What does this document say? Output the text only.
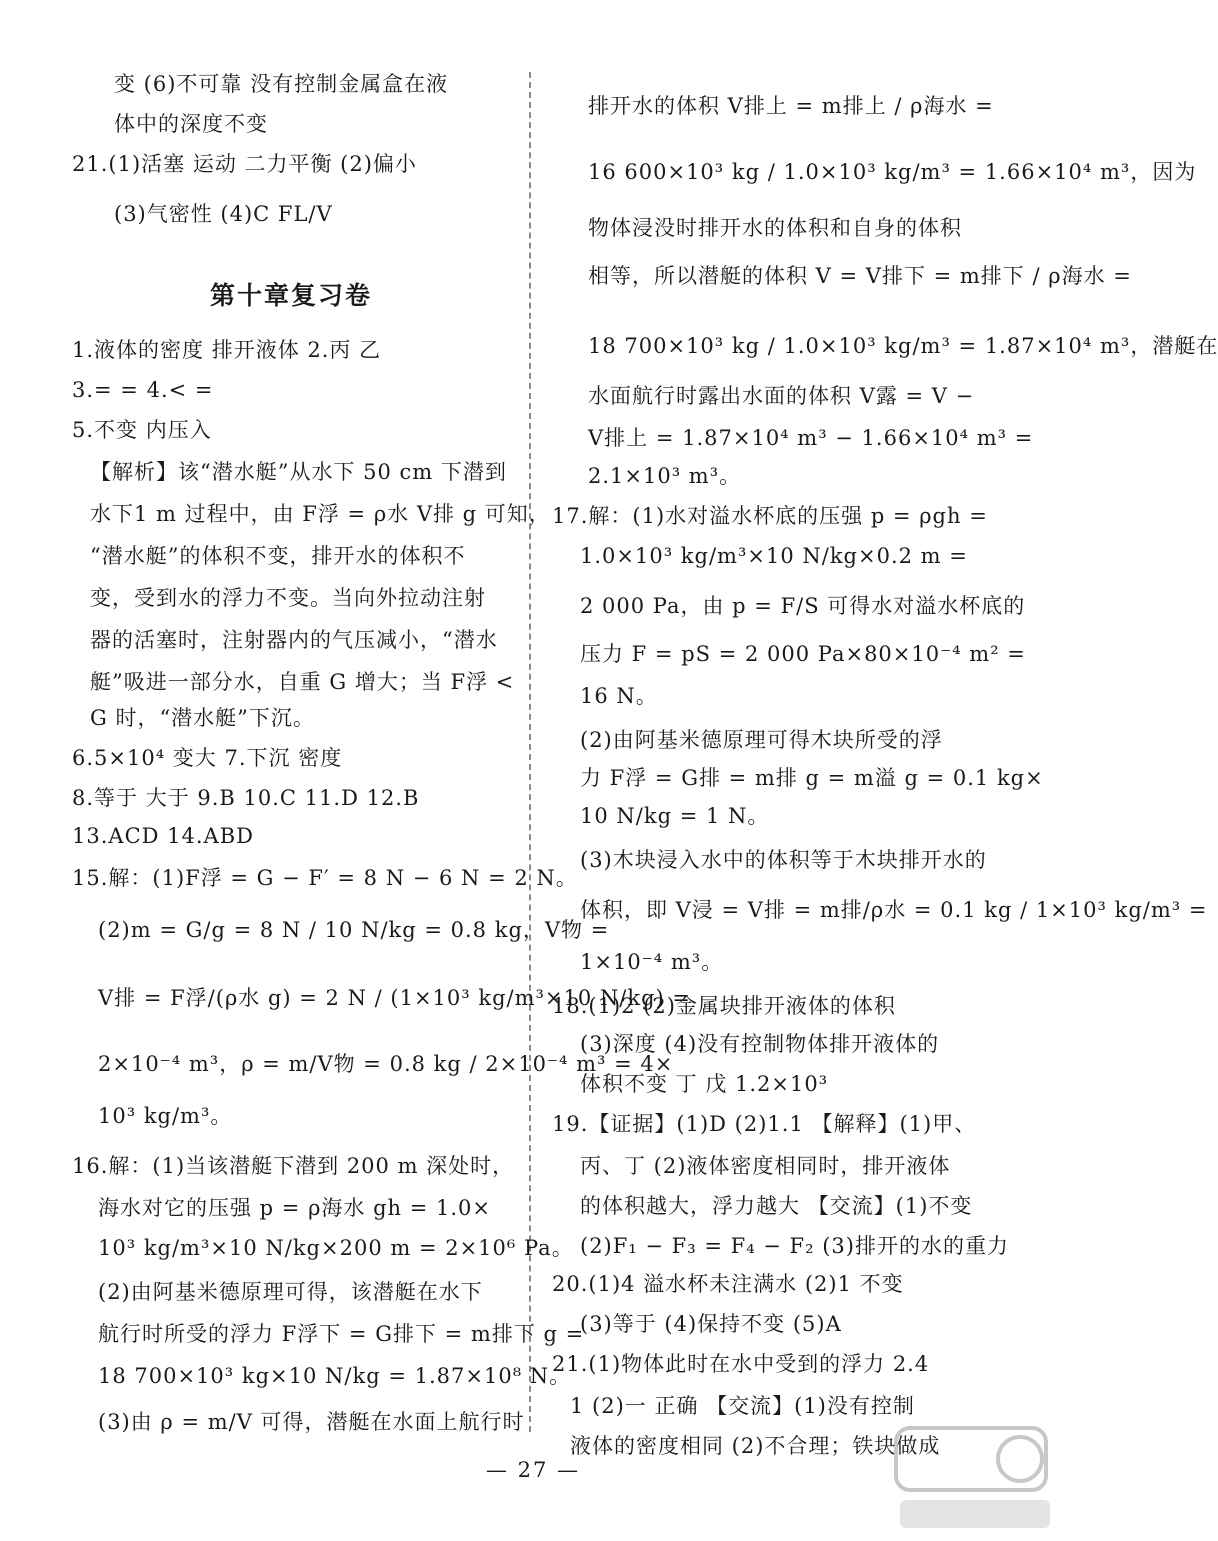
变 (6)不可靠 没有控制金属盒在液
体中的深度不变
21.(1)活塞 运动 二力平衡 (2)偏小
(3)气密性 (4)C FL/V
第十章复习卷
1.液体的密度 排开液体 2.丙 乙
3.= = 4.< =
5.不变 内压入
【解析】该“潜水艇”从水下 50 cm 下潜到
水下1 m 过程中，由 F浮 = ρ水 V排 g 可知，
“潜水艇”的体积不变，排开水的体积不
变，受到水的浮力不变。当向外拉动注射
器的活塞时，注射器内的气压减小，“潜水
艇”吸进一部分水，自重 G 增大；当 F浮 <
G 时，“潜水艇”下沉。
6.5×10⁴ 变大 7.下沉 密度
8.等于 大于 9.B 10.C 11.D 12.B
13.ACD 14.ABD
15.解：(1)F浮 = G − F′ = 8 N − 6 N = 2 N。
(2)m = G/g = 8 N / 10 N/kg = 0.8 kg，V物 =
V排 = F浮/(ρ水 g) = 2 N / (1×10³ kg/m³×10 N/kg) =
2×10⁻⁴ m³，ρ = m/V物 = 0.8 kg / 2×10⁻⁴ m³ = 4×
10³ kg/m³。
16.解：(1)当该潜艇下潜到 200 m 深处时，
海水对它的压强 p = ρ海水 gh = 1.0×
10³ kg/m³×10 N/kg×200 m = 2×10⁶ Pa。
(2)由阿基米德原理可得，该潜艇在水下
航行时所受的浮力 F浮下 = G排下 = m排下 g =
18 700×10³ kg×10 N/kg = 1.87×10⁸ N。
(3)由 ρ = m/V 可得，潜艇在水面上航行时
排开水的体积 V排上 = m排上 / ρ海水 =
16 600×10³ kg / 1.0×10³ kg/m³ = 1.66×10⁴ m³，因为
物体浸没时排开水的体积和自身的体积
相等，所以潜艇的体积 V = V排下 = m排下 / ρ海水 =
18 700×10³ kg / 1.0×10³ kg/m³ = 1.87×10⁴ m³，潜艇在
水面航行时露出水面的体积 V露 = V −
V排上 = 1.87×10⁴ m³ − 1.66×10⁴ m³ =
2.1×10³ m³。
17.解：(1)水对溢水杯底的压强 p = ρgh =
1.0×10³ kg/m³×10 N/kg×0.2 m =
2 000 Pa，由 p = F/S 可得水对溢水杯底的
压力 F = pS = 2 000 Pa×80×10⁻⁴ m² =
16 N。
(2)由阿基米德原理可得木块所受的浮
力 F浮 = G排 = m排 g = m溢 g = 0.1 kg×
10 N/kg = 1 N。
(3)木块浸入水中的体积等于木块排开水的
体积，即 V浸 = V排 = m排/ρ水 = 0.1 kg / 1×10³ kg/m³ =
1×10⁻⁴ m³。
18.(1)2 (2)金属块排开液体的体积
(3)深度 (4)没有控制物体排开液体的
体积不变 丁 戊 1.2×10³
19.【证据】(1)D (2)1.1 【解释】(1)甲、
丙、丁 (2)液体密度相同时，排开液体
的体积越大，浮力越大 【交流】(1)不变
(2)F₁ − F₃ = F₄ − F₂ (3)排开的水的重力
20.(1)4 溢水杯未注满水 (2)1 不变
(3)等于 (4)保持不变 (5)A
21.(1)物体此时在水中受到的浮力 2.4
1 (2)一 正确 【交流】(1)没有控制
液体的密度相同 (2)不合理；铁块做成
— 27 —
